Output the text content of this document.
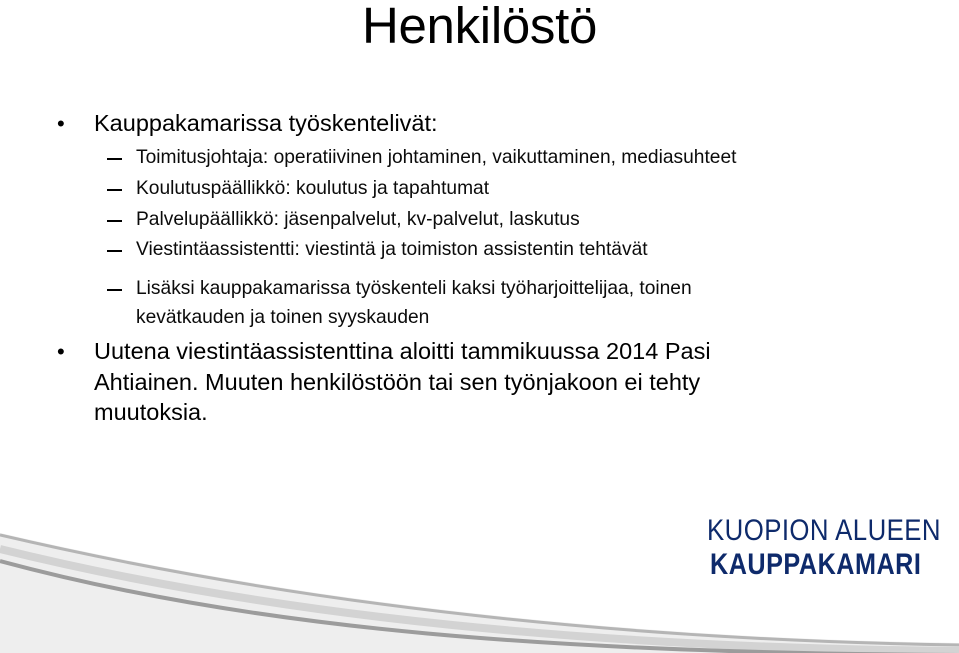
Henkilöstö
• Kauppakamarissa työskentelivät:
Toimitusjohtaja: operatiivinen johtaminen, vaikuttaminen, mediasuhteet
Koulutuspäällikkö: koulutus ja tapahtumat
Palvelupäällikkö: jäsenpalvelut, kv-palvelut, laskutus
Viestintäassistentti: viestintä ja toimiston assistentin tehtävät
Lisäksi kauppakamarissa työskenteli kaksi työharjoittelijaa, toinen
kevätkauden ja toinen syyskauden
• Uutena viestintäassistenttina aloitti tammikuussa 2014 Pasi
Ahtiainen. Muuten henkilöstöön tai sen työnjakoon ei tehty
muutoksia.
KUOPION ALUEEN
KAUPPAKAMARI
